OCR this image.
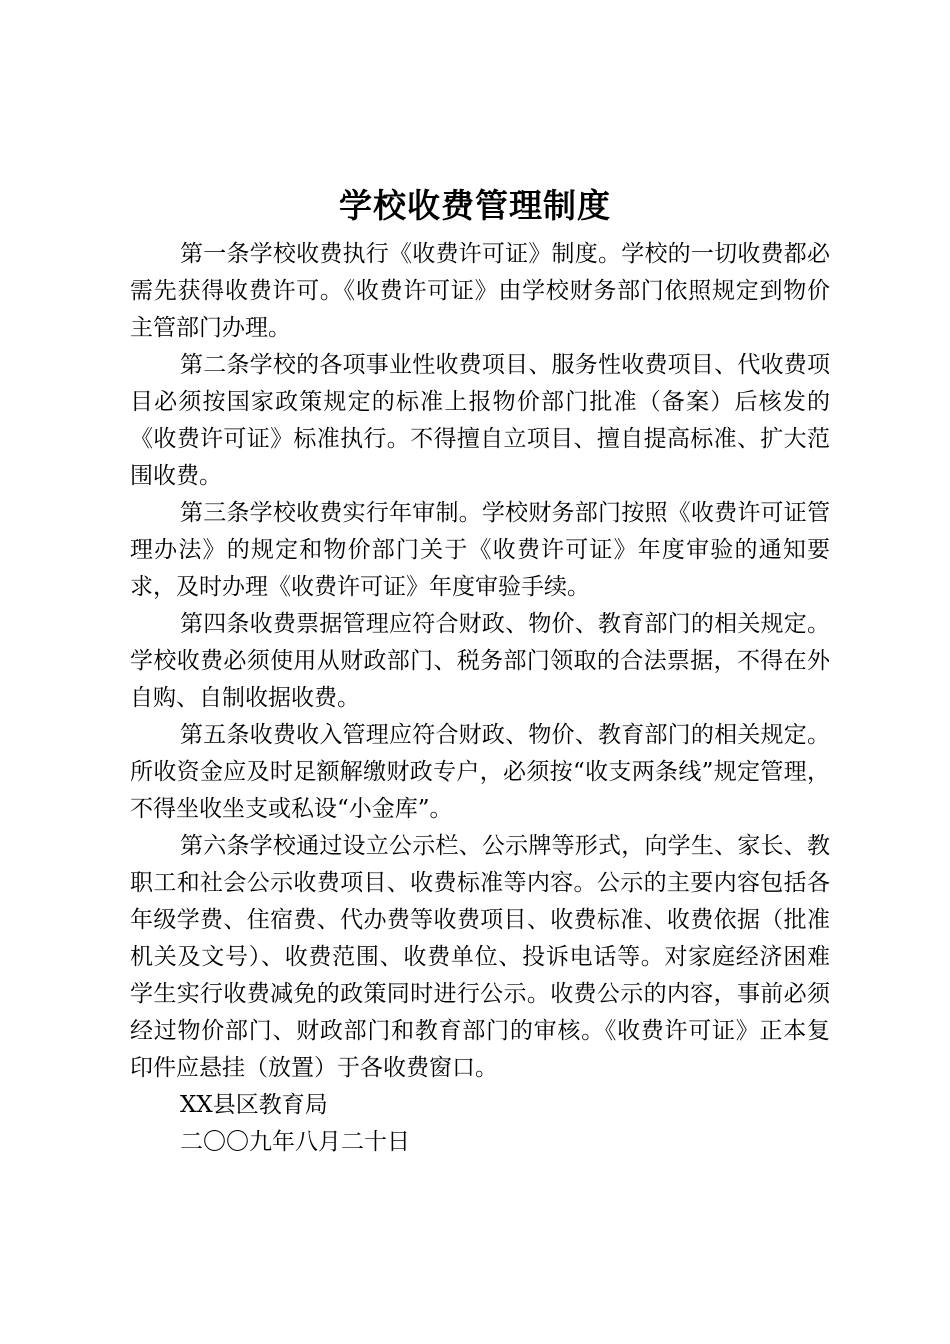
学校收费管理制度

第一条学校收费执行《收费许可证》制度。学校的一切收费都必需先获得收费许可。《收费许可证》由学校财务部门依照规定到物价主管部门办理。

第二条学校的各项事业性收费项目、服务性收费项目、代收费项目必须按国家政策规定的标准上报物价部门批准（备案）后核发的《收费许可证》标准执行。不得擅自立项目、擅自提高标准、扩大范围收费。

第三条学校收费实行年审制。学校财务部门按照《收费许可证管理办法》的规定和物价部门关于《收费许可证》年度审验的通知要求，及时办理《收费许可证》年度审验手续。

第四条收费票据管理应符合财政、物价、教育部门的相关规定。学校收费必须使用从财政部门、税务部门领取的合法票据，不得在外自购、自制收据收费。

第五条收费收入管理应符合财政、物价、教育部门的相关规定。所收资金应及时足额解缴财政专户，必须按“收支两条线”规定管理，不得坐收坐支或私设“小金库”。

第六条学校通过设立公示栏、公示牌等形式，向学生、家长、教职工和社会公示收费项目、收费标准等内容。公示的主要内容包括各年级学费、住宿费、代办费等收费项目、收费标准、收费依据（批准机关及文号）、收费范围、收费单位、投诉电话等。对家庭经济困难学生实行收费减免的政策同时进行公示。收费公示的内容，事前必须经过物价部门、财政部门和教育部门的审核。《收费许可证》正本复印件应悬挂（放置）于各收费窗口。

XX县区教育局

二〇〇九年八月二十日
